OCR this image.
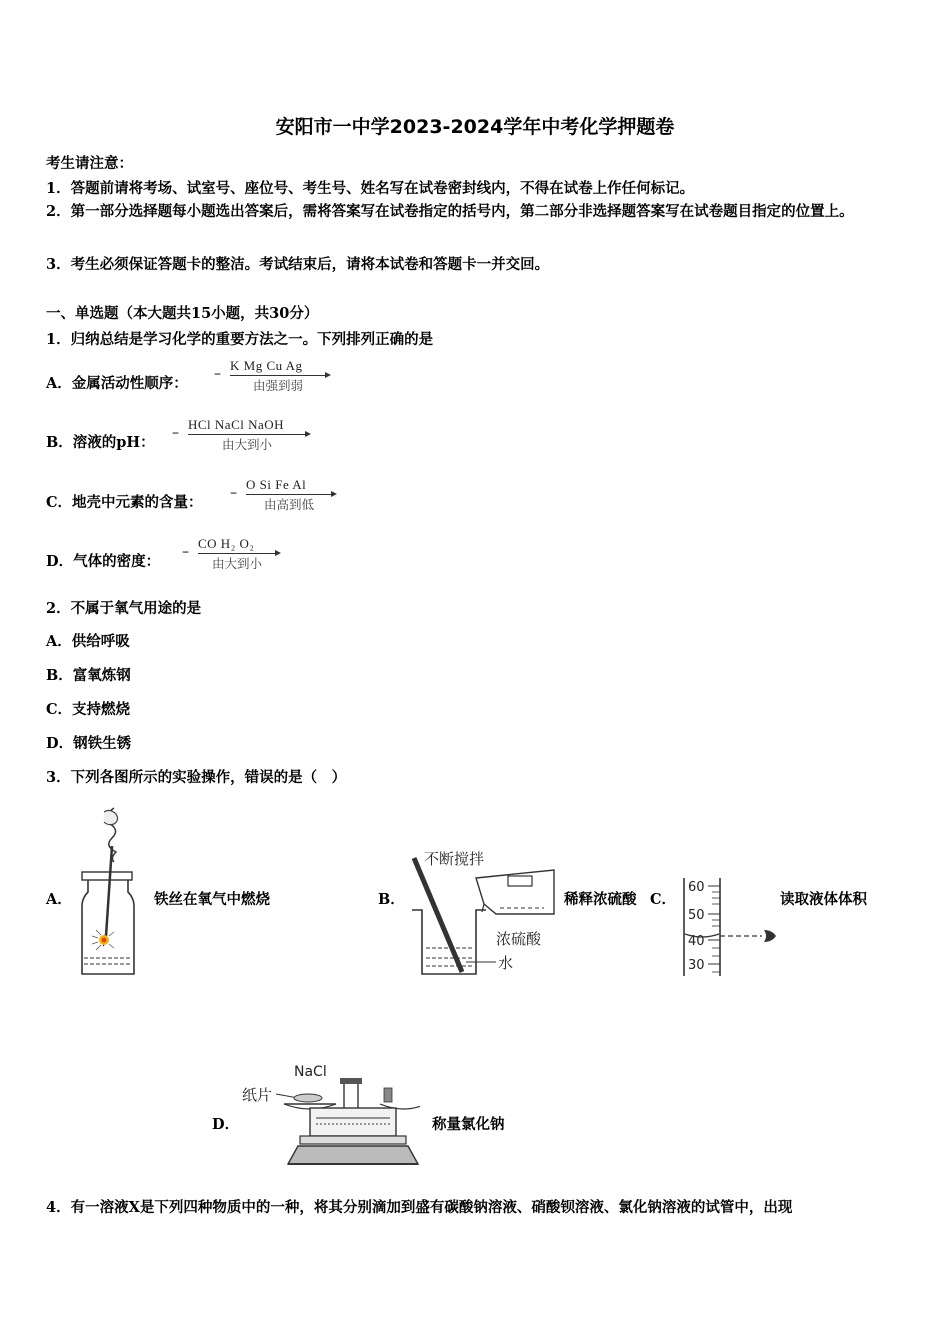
安阳市一中学2023-2024学年中考化学押题卷
考生请注意：
1．答题前请将考场、试室号、座位号、考生号、姓名写在试卷密封线内，不得在试卷上作任何标记。
2．第一部分选择题每小题选出答案后，需将答案写在试卷指定的括号内，第二部分非选择题答案写在试卷题目指定的位置上。
3．考生必须保证答题卡的整洁。考试结束后，请将本试卷和答题卡一并交回。
一、单选题（本大题共15小题，共30分）
1．归纳总结是学习化学的重要方法之一。下列排列正确的是
A．金属活动性顺序：
–
K Mg Cu Ag
由强到弱
B．溶液的pH：
–
HCl NaCl NaOH
由大到小
C．地壳中元素的含量：
–
O Si Fe Al
由高到低
D．气体的密度：
–
CO H₂ O₂
由大到小
2．不属于氧气用途的是
A．供给呼吸
B．富氧炼钢
C．支持燃烧
D．钢铁生锈
3．下列各图所示的实验操作，错误的是（　）
A．	铁丝在氧气中燃烧	B．
不断搅拌
浓硫酸
水
稀释浓硫酸 C．
60
50
40
30
读取液体体积
D．
NaCl
纸片
称量氯化钠
4．有一溶液X是下列四种物质中的一种，将其分别滴加到盛有碳酸钠溶液、硝酸钡溶液、氯化钠溶液的试管中，出现
